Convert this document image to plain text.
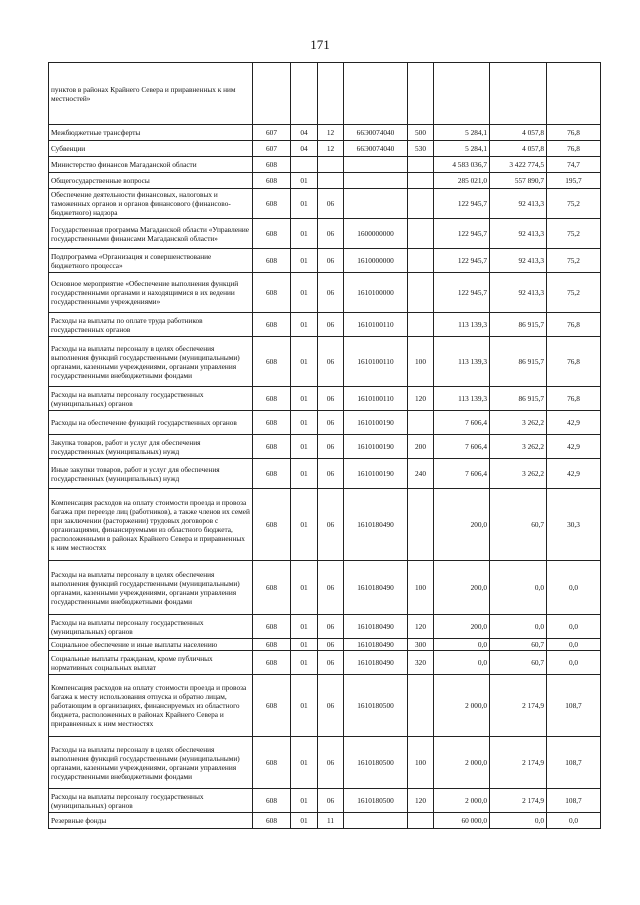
171
пунктов в районах Крайнего Севера и приравненных к ним местностей»								
Межбюджетные трансферты	607	04	12	66Э0074040	500	5 284,1	4 057,8	76,8
Субвенции	607	04	12	66Э0074040	530	5 284,1	4 057,8	76,8
Министерство финансов Магаданской области	608					4 583 036,7	3 422 774,5	74,7
Общегосударственные вопросы	608	01				285 021,0	557 890,7	195,7
Обеспечение деятельности финансовых, налоговых и таможенных органов и органов финансового (финансово-бюджетного) надзора	608	01	06			122 945,7	92 413,3	75,2
Государственная программа Магаданской области «Управление государственными финансами Магаданской области»	608	01	06	1600000000		122 945,7	92 413,3	75,2
Подпрограмма «Организация и совершенствование бюджетного процесса»	608	01	06	1610000000		122 945,7	92 413,3	75,2
Основное мероприятие «Обеспечение выполнения функций государственными органами и находящимися в их ведении государственными учреждениями»	608	01	06	1610100000		122 945,7	92 413,3	75,2
Расходы на выплаты по оплате труда работников государственных органов	608	01	06	1610100110		113 139,3	86 915,7	76,8
Расходы на выплаты персоналу в целях обеспечения выполнения функций государственными (муниципальными) органами, казенными учреждениями, органами управления государственными внебюджетными фондами	608	01	06	1610100110	100	113 139,3	86 915,7	76,8
Расходы на выплаты персоналу государственных (муниципальных) органов	608	01	06	1610100110	120	113 139,3	86 915,7	76,8
Расходы на обеспечение функций государственных органов	608	01	06	1610100190		7 606,4	3 262,2	42,9
Закупка товаров, работ и услуг для обеспечения государственных (муниципальных) нужд	608	01	06	1610100190	200	7 606,4	3 262,2	42,9
Иные закупки товаров, работ и услуг для обеспечения государственных (муниципальных) нужд	608	01	06	1610100190	240	7 606,4	3 262,2	42,9
Компенсация расходов на оплату стоимости проезда и провоза багажа при переезде лиц (работников), а также членов их семей при заключении (расторжении) трудовых договоров с организациями, финансируемыми из областного бюджета, расположенными в районах Крайнего Севера и приравненных к ним местностях	608	01	06	1610180490		200,0	60,7	30,3
Расходы на выплаты персоналу в целях обеспечения выполнения функций государственными (муниципальными) органами, казенными учреждениями, органами управления государственными внебюджетными фондами	608	01	06	1610180490	100	200,0	0,0	0,0
Расходы на выплаты персоналу государственных (муниципальных) органов	608	01	06	1610180490	120	200,0	0,0	0,0
Социальное обеспечение и иные выплаты населению	608	01	06	1610180490	300	0,0	60,7	0,0
Социальные выплаты гражданам, кроме публичных нормативных социальных выплат	608	01	06	1610180490	320	0,0	60,7	0,0
Компенсация расходов на оплату стоимости проезда и провоза багажа к месту использования отпуска и обратно лицам, работающим в организациях, финансируемых из областного бюджета, расположенных в районах Крайнего Севера и приравненных к ним местностях	608	01	06	1610180500		2 000,0	2 174,9	108,7
Расходы на выплаты персоналу в целях обеспечения выполнения функций государственными (муниципальными) органами, казенными учреждениями, органами управления государственными внебюджетными фондами	608	01	06	1610180500	100	2 000,0	2 174,9	108,7
Расходы на выплаты персоналу государственных (муниципальных) органов	608	01	06	1610180500	120	2 000,0	2 174,9	108,7
Резервные фонды	608	01	11			60 000,0	0,0	0,0
